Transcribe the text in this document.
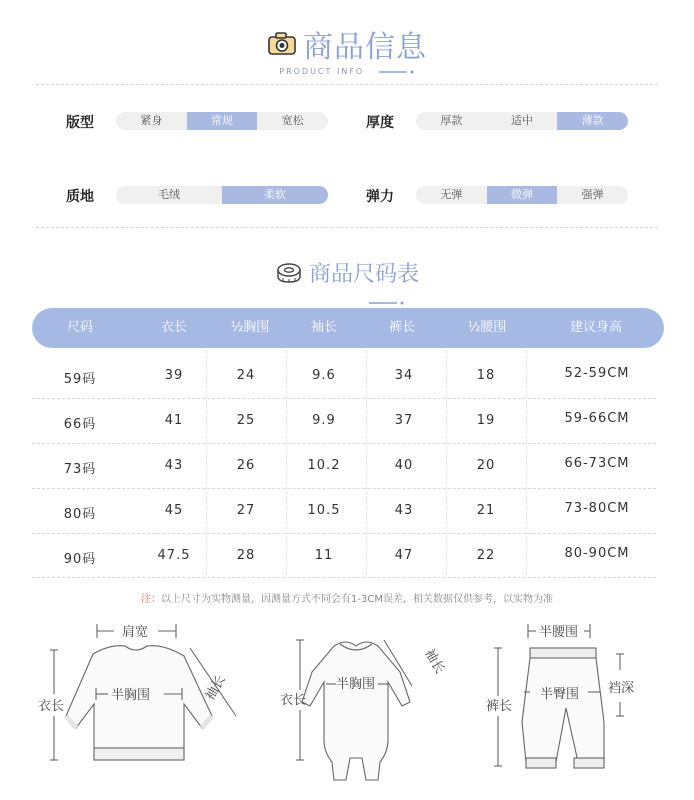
商品信息
PRODUCT INFO
版型	紧身	常规	宽松	厚度	厚款	适中	薄款
质地	毛绒	柔软	弹力	无弹	微弹	强弹
商品尺码表
尺码	衣长	½胸围	袖长	裤长	½腰围	建议身高
59码	39	24	9.6	34	18	52-59CM
66码	41	25	9.9	37	19	59-66CM
73码	43	26	10.2	40	20	66-73CM
80码	45	27	10.5	43	21	73-80CM
90码	47.5	28	11	47	22	80-90CM
注：以上尺寸为实物测量，因测量方式不同会有1-3CM误差，相关数据仅供参考，以实物为准
肩宽
衣长
半胸围	袖长	半胸围
衣长
袖长
半腰围
裤长
半臀围 裆深
